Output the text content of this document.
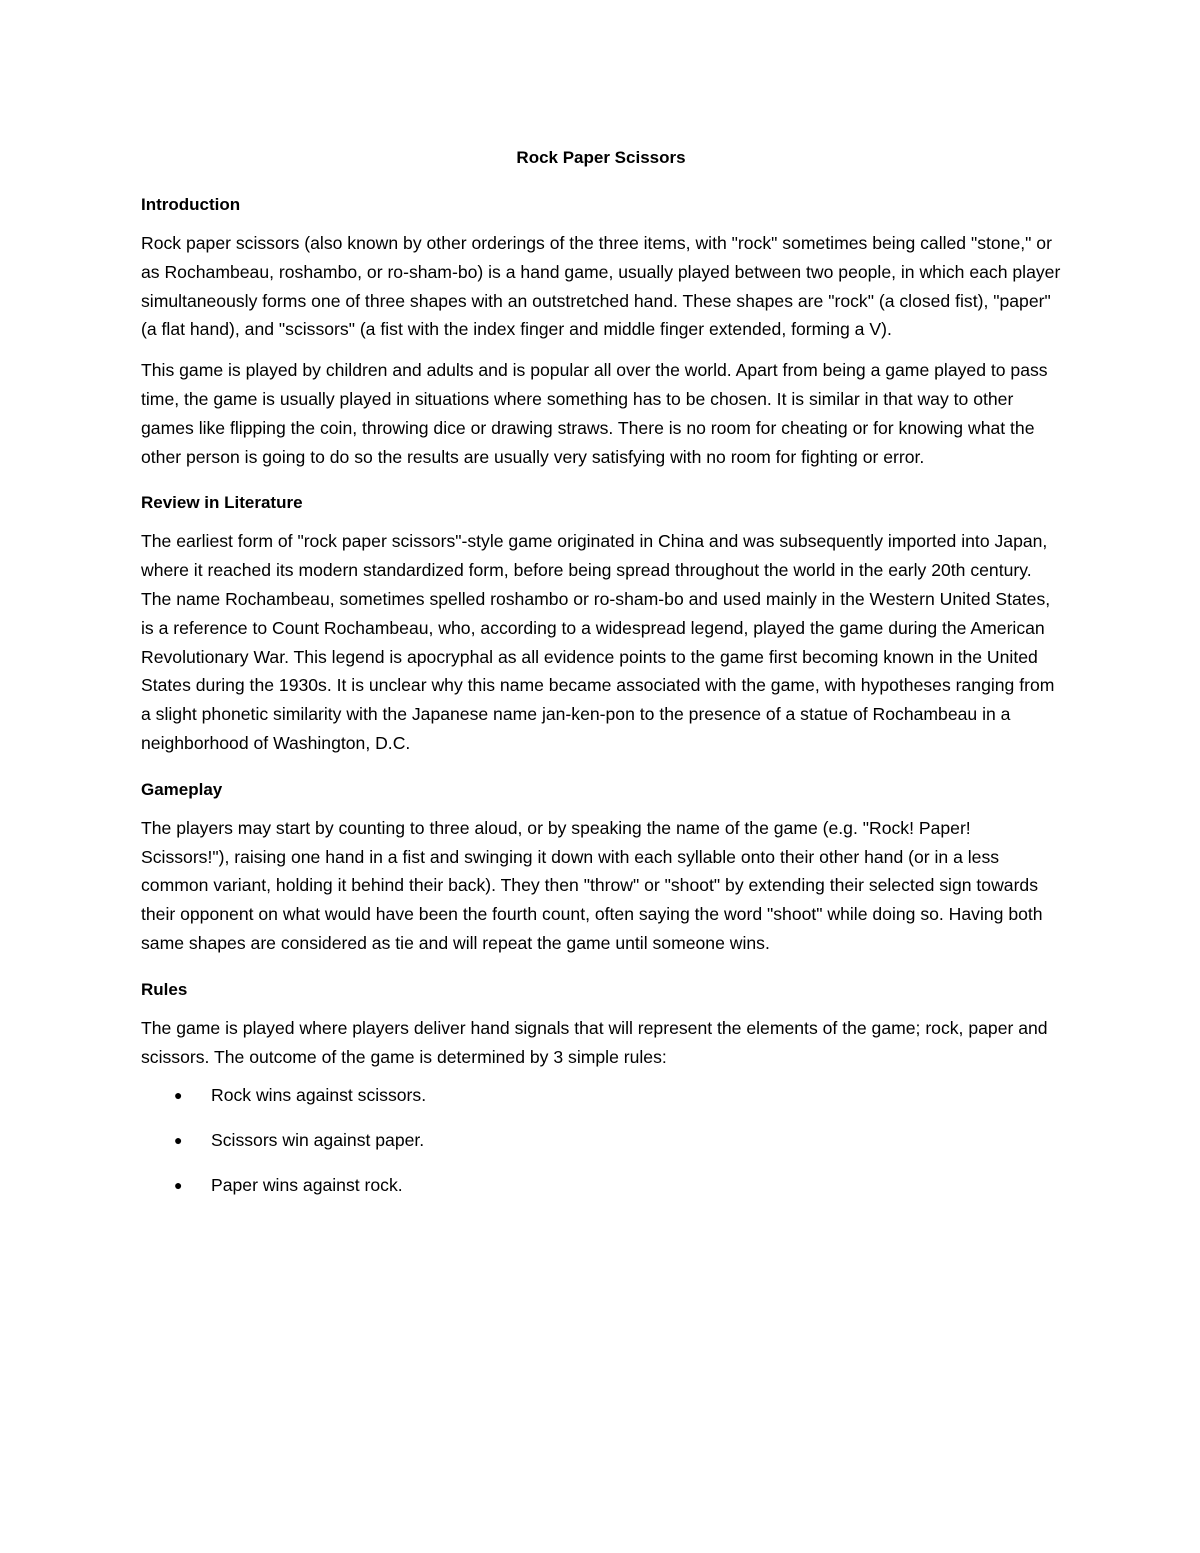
Rock Paper Scissors
Introduction

Rock paper scissors (also known by other orderings of the three items, with "rock" sometimes being called "stone," or as Rochambeau, roshambo, or ro-sham-bo) is a hand game, usually played between two people, in which each player simultaneously forms one of three shapes with an outstretched hand. These shapes are "rock" (a closed fist), "paper" (a flat hand), and "scissors" (a fist with the index finger and middle finger extended, forming a V).

This game is played by children and adults and is popular all over the world. Apart from being a game played to pass time, the game is usually played in situations where something has to be chosen. It is similar in that way to other games like flipping the coin, throwing dice or drawing straws. There is no room for cheating or for knowing what the other person is going to do so the results are usually very satisfying with no room for fighting or error.

Review in Literature

The earliest form of "rock paper scissors"-style game originated in China and was subsequently imported into Japan, where it reached its modern standardized form, before being spread throughout the world in the early 20th century. The name Rochambeau, sometimes spelled roshambo or ro-sham-bo and used mainly in the Western United States, is a reference to Count Rochambeau, who, according to a widespread legend, played the game during the American Revolutionary War. This legend is apocryphal as all evidence points to the game first becoming known in the United States during the 1930s. It is unclear why this name became associated with the game, with hypotheses ranging from a slight phonetic similarity with the Japanese name jan-ken-pon to the presence of a statue of Rochambeau in a neighborhood of Washington, D.C.

Gameplay

The players may start by counting to three aloud, or by speaking the name of the game (e.g. "Rock! Paper! Scissors!"), raising one hand in a fist and swinging it down with each syllable onto their other hand (or in a less common variant, holding it behind their back). They then "throw" or "shoot" by extending their selected sign towards their opponent on what would have been the fourth count, often saying the word "shoot" while doing so. Having both same shapes are considered as tie and will repeat the game until someone wins.

Rules

The game is played where players deliver hand signals that will represent the elements of the game; rock, paper and scissors. The outcome of the game is determined by 3 simple rules:

● Rock wins against scissors.
● Scissors win against paper.
● Paper wins against rock.
